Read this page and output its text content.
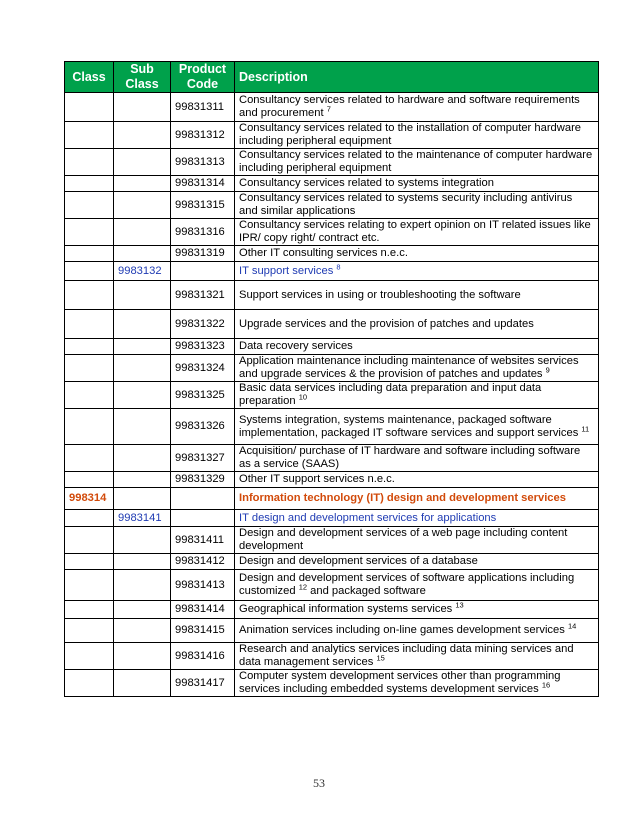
Class	Sub Class	Product Code	Description
		99831311	Consultancy services related to hardware and software requirements and procurement $^7$
		99831312	Consultancy services related to the installation of computer hardware including peripheral equipment
		99831313	Consultancy services related to the maintenance of computer hardware including peripheral equipment
		99831314	Consultancy services related to systems integration
		99831315	Consultancy services related to systems security including antivirus and similar applications
		99831316	Consultancy services relating to expert opinion on IT related issues like IPR/ copy right/ contract etc.
		99831319	Other IT consulting services n.e.c.
	9983132		IT support services $^8$
		99831321	Support services in using or troubleshooting the software
		99831322	Upgrade services and the provision of patches and updates
		99831323	Data recovery services
		99831324	Application maintenance including maintenance of websites services and upgrade services & the provision of patches and updates $^9$
		99831325	Basic data services including data preparation and input data preparation $^{10}$
		99831326	Systems integration, systems maintenance, packaged software implementation, packaged IT software services and support services $^{11}$
		99831327	Acquisition/ purchase of IT hardware and software including software as a service (SAAS)
		99831329	Other IT support services n.e.c.
998314			Information technology (IT) design and development services
	9983141		IT design and development services for applications
		99831411	Design and development services of a web page including content development
		99831412	Design and development services of a database
		99831413	Design and development services of software applications including customized $^{12}$ and packaged software
		99831414	Geographical information systems services $^{13}$
		99831415	Animation services including on-line games development services $^{14}$
		99831416	Research and analytics services including data mining services and data management services $^{15}$
		99831417	Computer system development services other than programming services including embedded systems development services $^{16}$
53
